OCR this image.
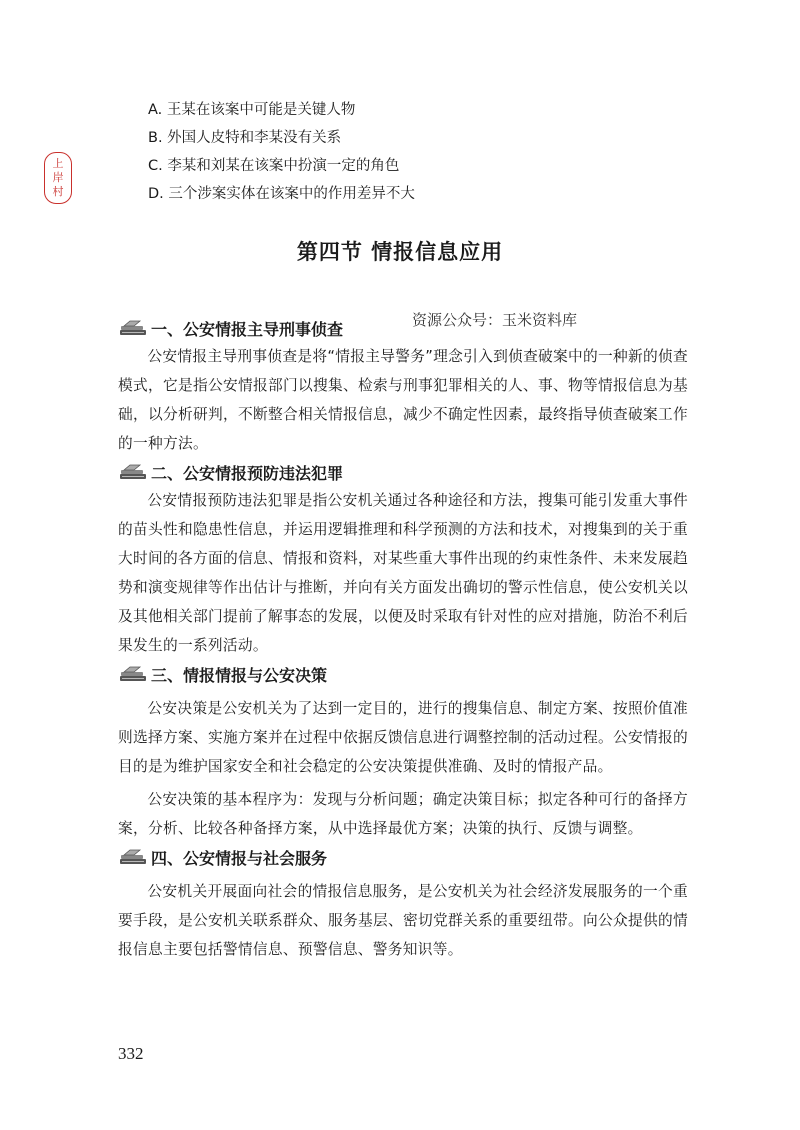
上
岸
村
A. 王某在该案中可能是关键人物
B. 外国人皮特和李某没有关系
C. 李某和刘某在该案中扮演一定的角色
D. 三个涉案实体在该案中的作用差异不大
第四节 情报信息应用
资源公众号：玉米资料库
一、公安情报主导刑事侦查

公安情报主导刑事侦查是将“情报主导警务”理念引入到侦查破案中的一种新的侦查模式，它是指公安情报部门以搜集、检索与刑事犯罪相关的人、事、物等情报信息为基础，以分析研判，不断整合相关情报信息，减少不确定性因素，最终指导侦查破案工作的一种方法。

二、公安情报预防违法犯罪

公安情报预防违法犯罪是指公安机关通过各种途径和方法，搜集可能引发重大事件的苗头性和隐患性信息，并运用逻辑推理和科学预测的方法和技术，对搜集到的关于重大时间的各方面的信息、情报和资料，对某些重大事件出现的约束性条件、未来发展趋势和演变规律等作出估计与推断，并向有关方面发出确切的警示性信息，使公安机关以及其他相关部门提前了解事态的发展，以便及时采取有针对性的应对措施，防治不利后果发生的一系列活动。

三、情报情报与公安决策

公安决策是公安机关为了达到一定目的，进行的搜集信息、制定方案、按照价值准则选择方案、实施方案并在过程中依据反馈信息进行调整控制的活动过程。公安情报的目的是为维护国家安全和社会稳定的公安决策提供准确、及时的情报产品。

公安决策的基本程序为：发现与分析问题；确定决策目标；拟定各种可行的备择方案，分析、比较各种备择方案，从中选择最优方案；决策的执行、反馈与调整。

四、公安情报与社会服务

公安机关开展面向社会的情报信息服务，是公安机关为社会经济发展服务的一个重要手段，是公安机关联系群众、服务基层、密切党群关系的重要纽带。向公众提供的情报信息主要包括警情信息、预警信息、警务知识等。

332
